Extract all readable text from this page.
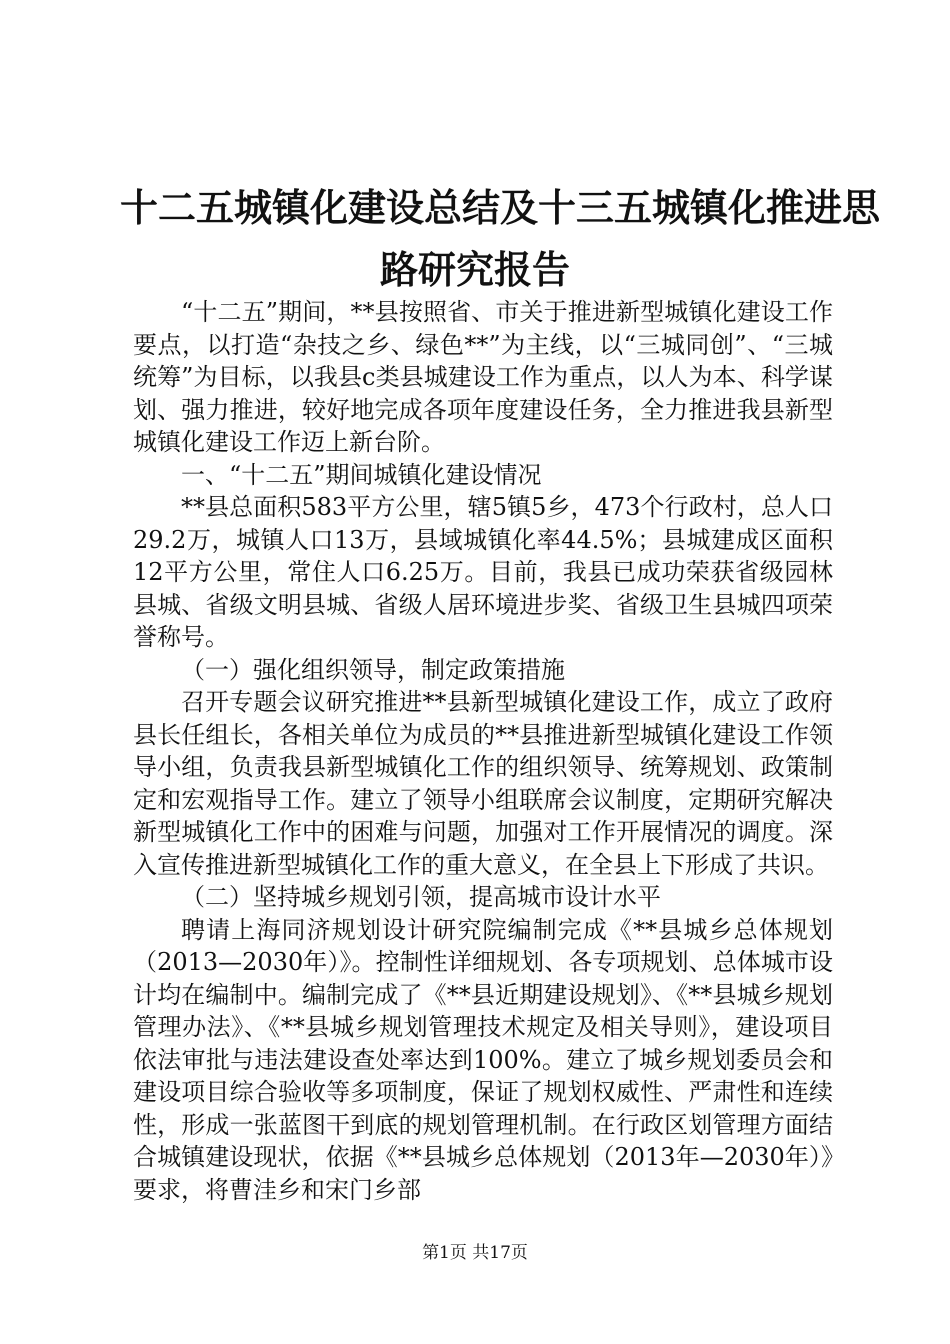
十二五城镇化建设总结及十三五城镇化推进思
路研究报告

“十二五”期间，**县按照省、市关于推进新型城镇化建设工作要点，以打造“杂技之乡、绿色**”为主线，以“三城同创”、“三城统筹”为目标，以我县c类县城建设工作为重点，以人为本、科学谋划、强力推进，较好地完成各项年度建设任务，全力推进我县新型城镇化建设工作迈上新台阶。

一、“十二五”期间城镇化建设情况

**县总面积583平方公里，辖5镇5乡，473个行政村，总人口29.2万，城镇人口13万，县域城镇化率44.5%；县城建成区面积12平方公里，常住人口6.25万。目前，我县已成功荣获省级园林县城、省级文明县城、省级人居环境进步奖、省级卫生县城四项荣誉称号。

（一）强化组织领导，制定政策措施

召开专题会议研究推进**县新型城镇化建设工作，成立了政府县长任组长，各相关单位为成员的**县推进新型城镇化建设工作领导小组，负责我县新型城镇化工作的组织领导、统筹规划、政策制定和宏观指导工作。建立了领导小组联席会议制度，定期研究解决新型城镇化工作中的困难与问题，加强对工作开展情况的调度。深入宣传推进新型城镇化工作的重大意义，在全县上下形成了共识。

（二）坚持城乡规划引领，提高城市设计水平

聘请上海同济规划设计研究院编制完成《**县城乡总体规划（2013—2030年）》。控制性详细规划、各专项规划、总体城市设计均在编制中。编制完成了《**县近期建设规划》、《**县城乡规划管理办法》、《**县城乡规划管理技术规定及相关导则》，建设项目依法审批与违法建设查处率达到100%。建立了城乡规划委员会和建设项目综合验收等多项制度，保证了规划权威性、严肃性和连续性，形成一张蓝图干到底的规划管理机制。在行政区划管理方面结合城镇建设现状，依据《**县城乡总体规划（2013年—2030年）》要求，将曹洼乡和宋门乡部

第1页 共17页
